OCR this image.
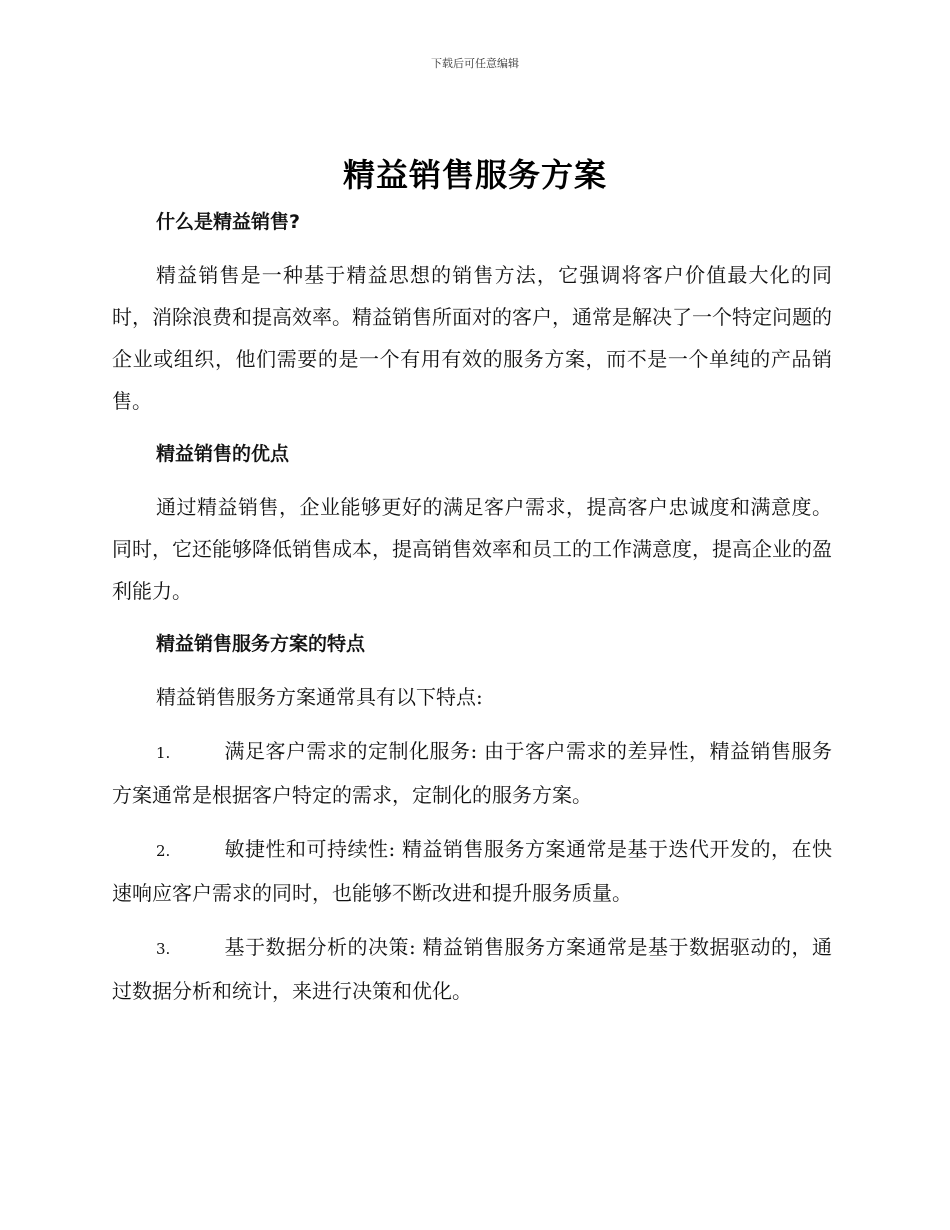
下载后可任意编辑
精益销售服务方案
什么是精益销售?

精益销售是一种基于精益思想的销售方法，它强调将客户价值最大化的同时，消除浪费和提高效率。精益销售所面对的客户，通常是解决了一个特定问题的企业或组织，他们需要的是一个有用有效的服务方案，而不是一个单纯的产品销售。

精益销售的优点

通过精益销售，企业能够更好的满足客户需求，提高客户忠诚度和满意度。同时，它还能够降低销售成本，提高销售效率和员工的工作满意度，提高企业的盈利能力。

精益销售服务方案的特点

精益销售服务方案通常具有以下特点:

1.	满足客户需求的定制化服务: 由于客户需求的差异性，精益销售服务方案通常是根据客户特定的需求，定制化的服务方案。

2.	敏捷性和可持续性: 精益销售服务方案通常是基于迭代开发的，在快速响应客户需求的同时，也能够不断改进和提升服务质量。

3.	基于数据分析的决策: 精益销售服务方案通常是基于数据驱动的，通过数据分析和统计，来进行决策和优化。
